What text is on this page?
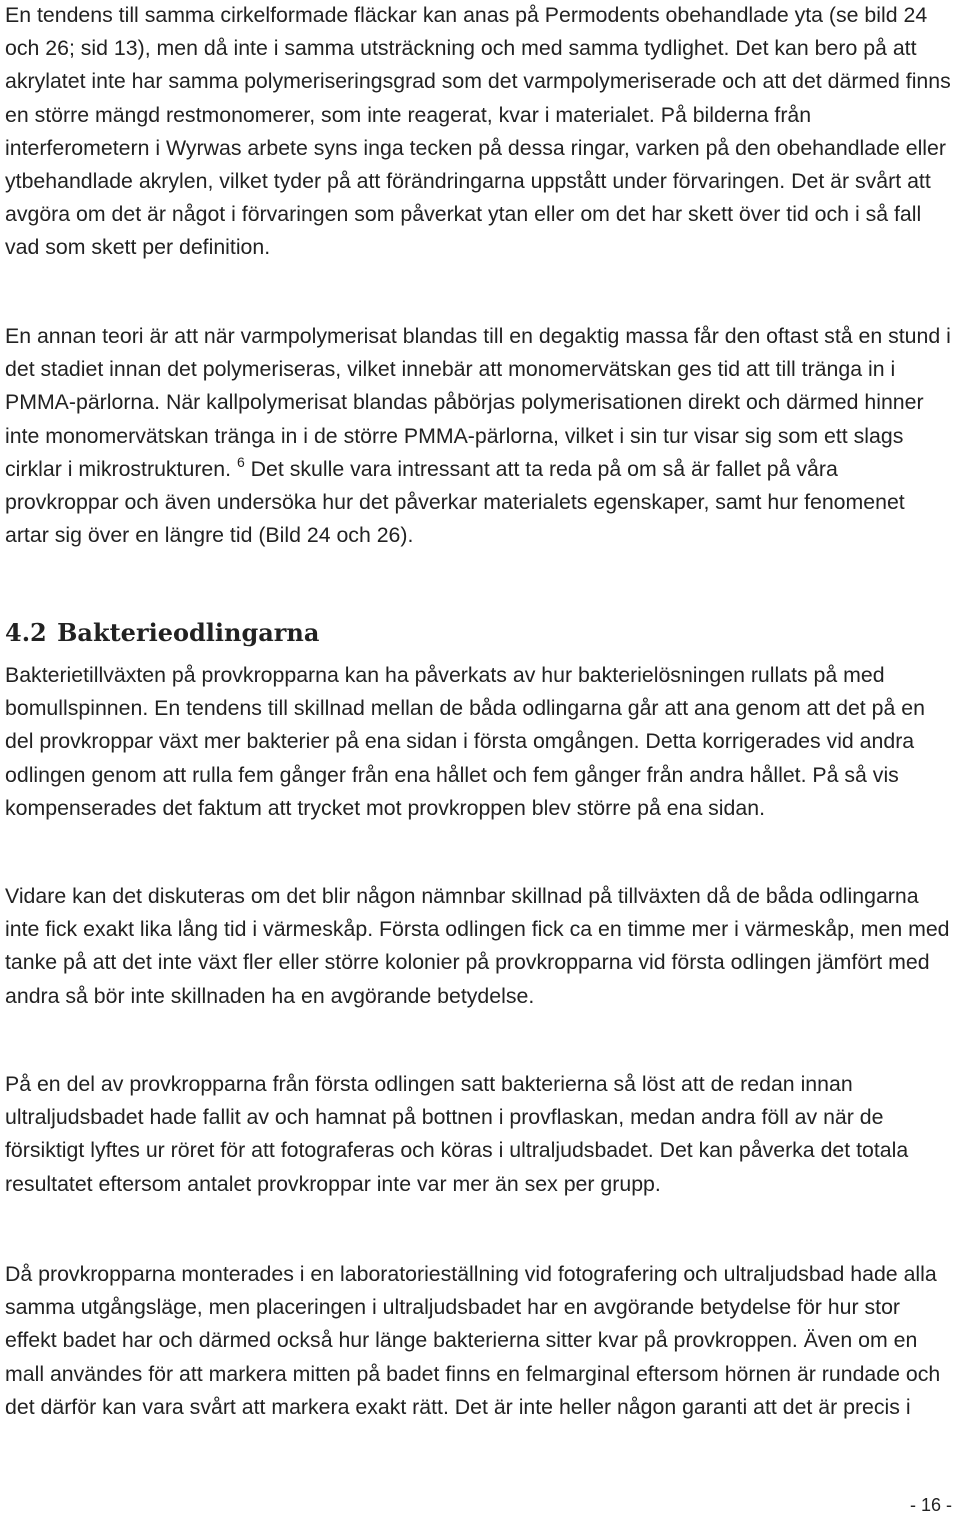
En tendens till samma cirkelformade fläckar kan anas på Permodents obehandlade yta (se bild 24 och 26; sid 13), men då inte i samma utsträckning och med samma tydlighet. Det kan bero på att akrylatet inte har samma polymeriseringsgrad som det varmpolymeriserade och att det därmed finns en större mängd restmonomerer, som inte reagerat, kvar i materialet. På bilderna från interferometern i Wyrwas arbete syns inga tecken på dessa ringar, varken på den obehandlade eller ytbehandlade akrylen, vilket tyder på att förändringarna uppstått under förvaringen. Det är svårt att avgöra om det är något i förvaringen som påverkat ytan eller om det har skett över tid och i så fall vad som skett per definition.

En annan teori är att när varmpolymerisat blandas till en degaktig massa får den oftast stå en stund i det stadiet innan det polymeriseras, vilket innebär att monomervätskan ges tid att till tränga in i PMMA-pärlorna. När kallpolymerisat blandas påbörjas polymerisationen direkt och därmed hinner inte monomervätskan tränga in i de större PMMA-pärlorna, vilket i sin tur visar sig som ett slags cirklar i mikrostrukturen. $^6$ Det skulle vara intressant att ta reda på om så är fallet på våra provkroppar och även undersöka hur det påverkar materialets egenskaper, samt hur fenomenet artar sig över en längre tid (Bild 24 och 26).

4.2 Bakterieodlingarna

Bakterietillväxten på provkropparna kan ha påverkats av hur bakterielösningen rullats på med bomullspinnen. En tendens till skillnad mellan de båda odlingarna går att ana genom att det på en del provkroppar växt mer bakterier på ena sidan i första omgången. Detta korrigerades vid andra odlingen genom att rulla fem gånger från ena hållet och fem gånger från andra hållet. På så vis kompenserades det faktum att trycket mot provkroppen blev större på ena sidan.

Vidare kan det diskuteras om det blir någon nämnbar skillnad på tillväxten då de båda odlingarna inte fick exakt lika lång tid i värmeskåp. Första odlingen fick ca en timme mer i värmeskåp, men med tanke på att det inte växt fler eller större kolonier på provkropparna vid första odlingen jämfört med andra så bör inte skillnaden ha en avgörande betydelse.

På en del av provkropparna från första odlingen satt bakterierna så löst att de redan innan ultraljudsbadet hade fallit av och hamnat på bottnen i provflaskan, medan andra föll av när de försiktigt lyftes ur röret för att fotograferas och köras i ultraljudsbadet. Det kan påverka det totala resultatet eftersom antalet provkroppar inte var mer än sex per grupp.

Då provkropparna monterades i en laboratorieställning vid fotografering och ultraljudsbad hade alla samma utgångsläge, men placeringen i ultraljudsbadet har en avgörande betydelse för hur stor effekt badet har och därmed också hur länge bakterierna sitter kvar på provkroppen. Även om en mall användes för att markera mitten på badet finns en felmarginal eftersom hörnen är rundade och det därför kan vara svårt att markera exakt rätt. Det är inte heller någon garanti att det är precis i

- 16 -
